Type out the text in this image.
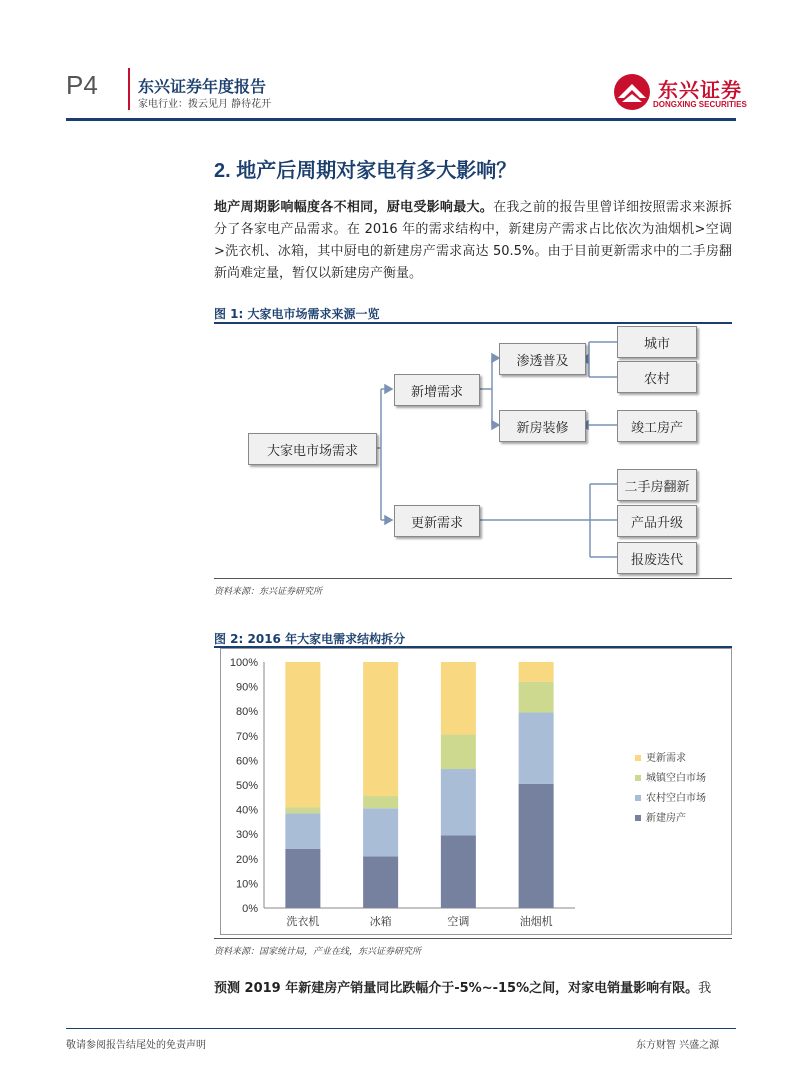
P4	东兴证券年度报告
家电行业：拨云见月 静待花开
东兴证券
DONGXING SECURITIES
2. 地产后周期对家电有多大影响？
地产周期影响幅度各不相同，厨电受影响最大。在我之前的报告里曾详细按照需求来源拆分了各家电产品需求。在 2016 年的需求结构中，新建房产需求占比依次为油烟机>空调>洗衣机、冰箱，其中厨电的新建房产需求高达 50.5%。由于目前更新需求中的二手房翻新尚难定量，暂仅以新建房产衡量。
图 1: 大家电市场需求来源一览
大家电市场需求
新增需求
渗透普及
城市
农村
新房装修	竣工房产
更新需求
二手房翻新
产品升级
报废迭代
资料来源：东兴证券研究所
图 2: 2016 年大家电需求结构拆分
0%
10%
20%
30%
40%
50%
60%
70%
80%
90%
100%
洗衣机	冰箱	空调	油烟机
更新需求
城镇空白市场
农村空白市场
新建房产
资料来源：国家统计局，产业在线，东兴证券研究所
预测 2019 年新建房产销量同比跌幅介于-5%~-15%之间，对家电销量影响有限。我
敬请参阅报告结尾处的免责声明	东方财智 兴盛之源
